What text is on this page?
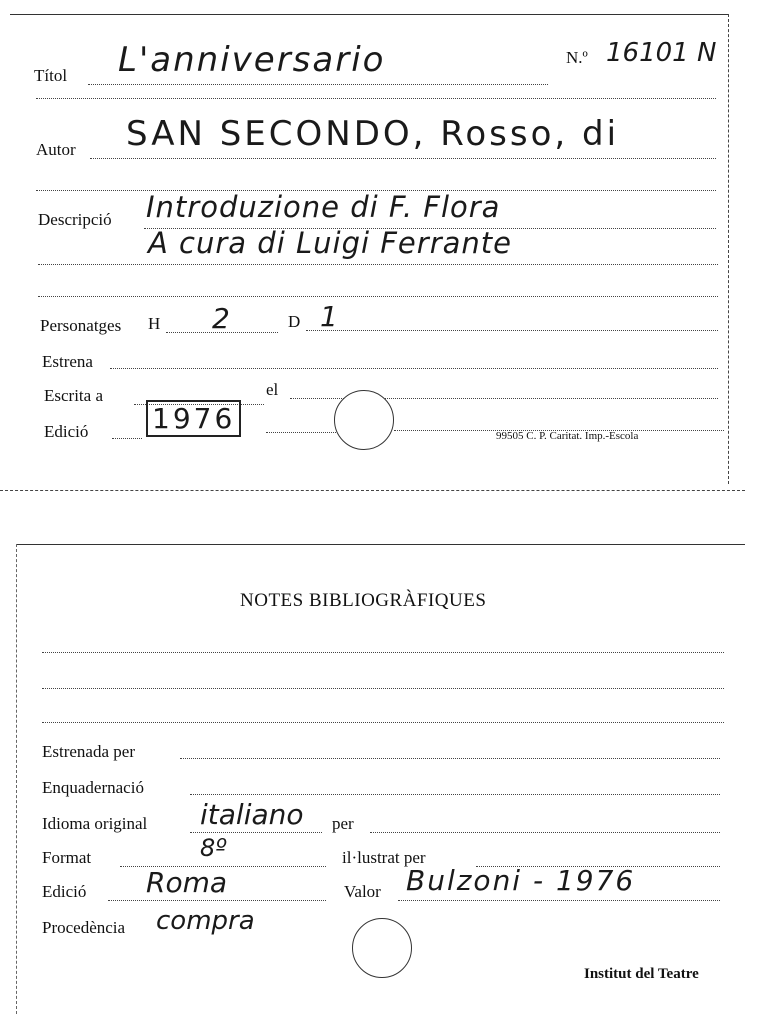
Títol L'anniversario	N.º 16101 N
Autor SAN SECONDO, Rosso, di
Descripció Introduzione di F. Flora
A cura di Luigi Ferrante
Personatges H 2	D 1
Estrena
Escrita a	el
Edició 1976
99505 C. P. Caritat. Imp.-Escola
NOTES BIBLIOGRÀFIQUES
Estrenada per
Enquadernació
Idioma original italiano per
Format	8º	il·lustrat per
Edició Roma	Valor Bulzoni - 1976
Procedència compra
Institut del Teatre
